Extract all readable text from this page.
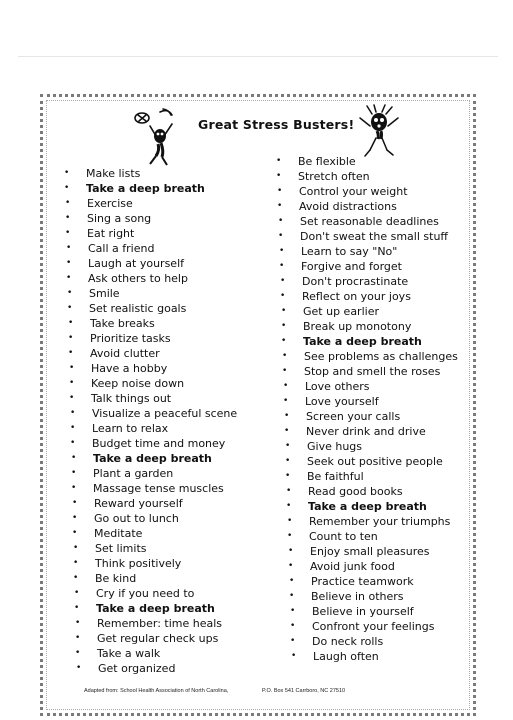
Great Stress Busters!
• Make lists
• Take a deep breath
• Exercise
• Sing a song
• Eat right
• Call a friend
• Laugh at yourself
• Ask others to help
• Smile
• Set realistic goals
• Take breaks
• Prioritize tasks
• Avoid clutter
• Have a hobby
• Keep noise down
• Talk things out
• Visualize a peaceful scene
• Learn to relax
• Budget time and money
• Take a deep breath
• Plant a garden
• Massage tense muscles
• Reward yourself
• Go out to lunch
• Meditate
• Set limits
• Think positively
• Be kind
• Cry if you need to
• Take a deep breath
• Remember: time heals
• Get regular check ups
• Take a walk
• Get organized
• Be flexible
• Stretch often
• Control your weight
• Avoid distractions
• Set reasonable deadlines
• Don't sweat the small stuff
• Learn to say "No"
• Forgive and forget
• Don't procrastinate
• Reflect on your joys
• Get up earlier
• Break up monotony
• Take a deep breath
• See problems as challenges
• Stop and smell the roses
• Love others
• Love yourself
• Screen your calls
• Never drink and drive
• Give hugs
• Seek out positive people
• Be faithful
• Read good books
• Take a deep breath
• Remember your triumphs
• Count to ten
• Enjoy small pleasures
• Avoid junk food
• Practice teamwork
• Believe in others
• Believe in yourself
• Confront your feelings
• Do neck rolls
• Laugh often
Adapted from: School Health Association of North Carolina,	P.O. Box 541 Carrboro, NC 27510
